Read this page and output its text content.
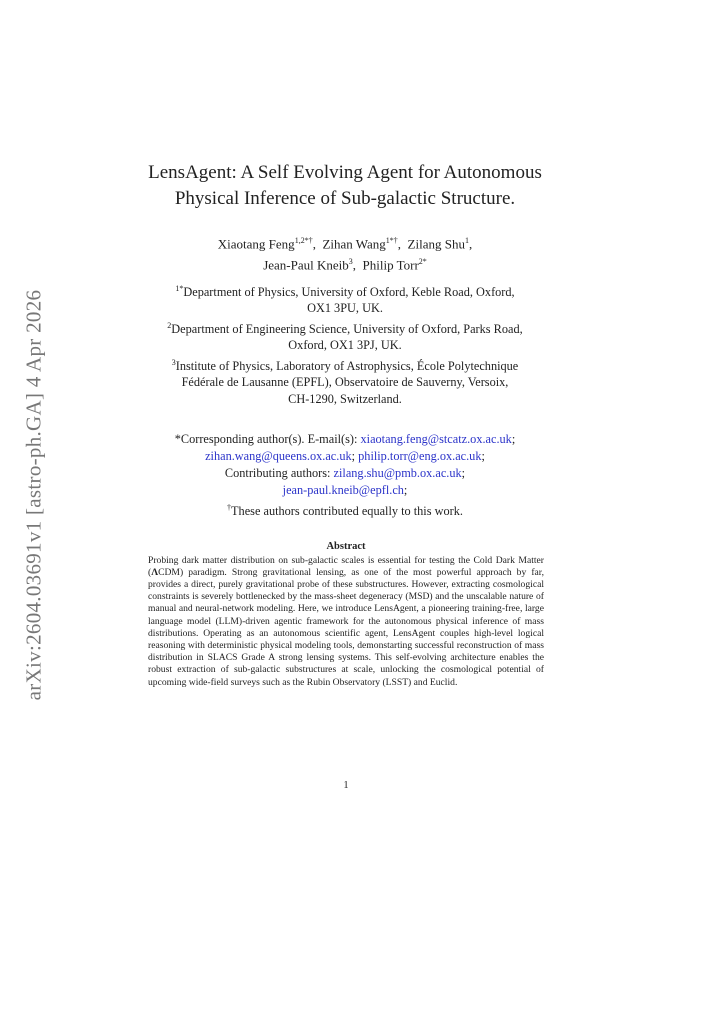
arXiv:2604.03691v1 [astro-ph.GA] 4 Apr 2026
LensAgent: A Self Evolving Agent for Autonomous
Physical Inference of Sub-galactic Structure.
Xiaotang Feng$^{1,2*\dagger}$,  Zihan Wang$^{1*\dagger}$,  Zilang Shu$^1$,
Jean-Paul Kneib$^3$,  Philip Torr$^{2*}$
$^{1*}$Department of Physics, University of Oxford, Keble Road, Oxford,
OX1 3PU, UK.
$^2$Department of Engineering Science, University of Oxford, Parks Road,
Oxford, OX1 3PJ, UK.
$^3$Institute of Physics, Laboratory of Astrophysics, École Polytechnique
Fédérale de Lausanne (EPFL), Observatoire de Sauverny, Versoix,
CH-1290, Switzerland.
*Corresponding author(s). E-mail(s): xiaotang.feng@stcatz.ox.ac.uk;
zihan.wang@queens.ox.ac.uk; philip.torr@eng.ox.ac.uk;
Contributing authors: zilang.shu@pmb.ox.ac.uk;
jean-paul.kneib@epfl.ch;
†These authors contributed equally to this work.
Abstract

Probing dark matter distribution on sub-galactic scales is essential for testing the Cold Dark Matter (ΛCDM) paradigm. Strong gravitational lensing, as one of the most powerful approach by far, provides a direct, purely gravitational probe of these substructures. However, extracting cosmological constraints is severely bottlenecked by the mass-sheet degeneracy (MSD) and the unscalable nature of manual and neural-network modeling. Here, we introduce LensAgent, a pioneering training-free, large language model (LLM)-driven agentic framework for the autonomous physical inference of mass distributions. Operating as an autonomous scientific agent, LensAgent couples high-level logical reasoning with deterministic physical modeling tools, demonstarting successful reconstruction of mass distribution in SLACS Grade A strong lensing systems. This self-evolving architecture enables the robust extraction of sub-galactic substructures at scale, unlocking the cosmological potential of upcoming wide-field surveys such as the Rubin Observatory (LSST) and Euclid.

1
